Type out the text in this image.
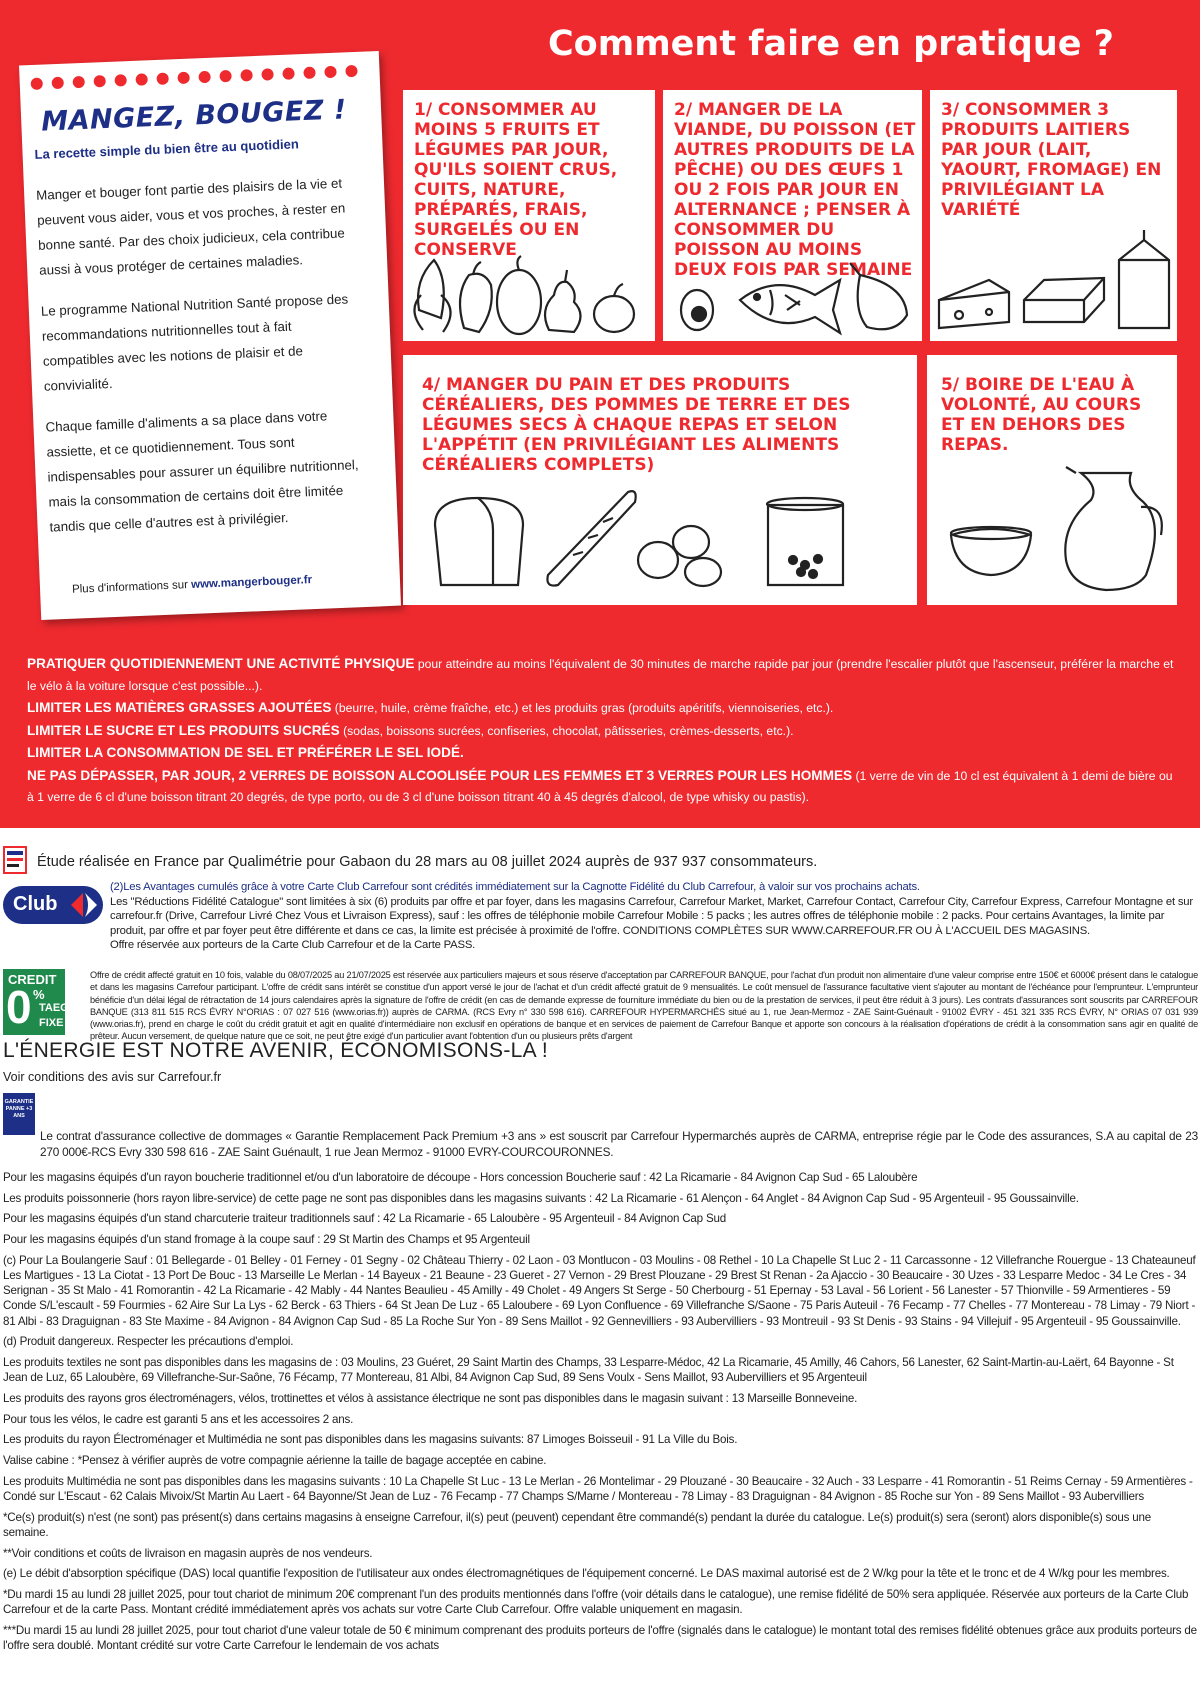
Comment faire en pratique ?
MANGEZ, BOUGEZ !
La recette simple du bien être au quotidien

Manger et bouger font partie des plaisirs de la vie et peuvent vous aider, vous et vos proches, à rester en bonne santé. Par des choix judicieux, cela contribue aussi à vous protéger de certaines maladies.

Le programme National Nutrition Santé propose des recommandations nutritionnelles tout à fait compatibles avec les notions de plaisir et de convivialité.

Chaque famille d'aliments a sa place dans votre assiette, et ce quotidiennement. Tous sont indispensables pour assurer un équilibre nutritionnel, mais la consommation de certains doit être limitée tandis que celle d'autres est à privilégier.

Plus d'informations sur www.mangerbouger.fr
1/ CONSOMMER AU MOINS 5 FRUITS ET LÉGUMES PAR JOUR, QU'ILS SOIENT CRUS, CUITS, NATURE, PRÉPARÉS, FRAIS, SURGELÉS OU EN CONSERVE
2/ MANGER DE LA VIANDE, DU POISSON (ET AUTRES PRODUITS DE LA PÊCHE) OU DES ŒUFS 1 OU 2 FOIS PAR JOUR EN ALTERNANCE ; PENSER À CONSOMMER DU POISSON AU MOINS DEUX FOIS PAR SEMAINE
3/ CONSOMMER 3 PRODUITS LAITIERS PAR JOUR (LAIT, YAOURT, FROMAGE) EN PRIVILÉGIANT LA VARIÉTÉ
4/ MANGER DU PAIN ET DES PRODUITS CÉRÉALIERS, DES POMMES DE TERRE ET DES LÉGUMES SECS À CHAQUE REPAS ET SELON L'APPÉTIT (EN PRIVILÉGIANT LES ALIMENTS CÉRÉALIERS COMPLETS)
5/ BOIRE DE L'EAU À VOLONTÉ, AU COURS ET EN DEHORS DES REPAS.
PRATIQUER QUOTIDIENNEMENT UNE ACTIVITÉ PHYSIQUE pour atteindre au moins l'équivalent de 30 minutes de marche rapide par jour (prendre l'escalier plutôt que l'ascenseur, préférer la marche et le vélo à la voiture lorsque c'est possible...).
LIMITER LES MATIÈRES GRASSES AJOUTÉES (beurre, huile, crème fraîche, etc.) et les produits gras (produits apéritifs, viennoiseries, etc.).
LIMITER LE SUCRE ET LES PRODUITS SUCRÉS (sodas, boissons sucrées, confiseries, chocolat, pâtisseries, crèmes-desserts, etc.).
LIMITER LA CONSOMMATION DE SEL ET PRÉFÉRER LE SEL IODÉ.
NE PAS DÉPASSER, PAR JOUR, 2 VERRES DE BOISSON ALCOOLISÉE POUR LES FEMMES ET 3 VERRES POUR LES HOMMES (1 verre de vin de 10 cl est équivalent à 1 demi de bière ou à 1 verre de 6 cl d'une boisson titrant 20 degrés, de type porto, ou de 3 cl d'une boisson titrant 40 à 45 degrés d'alcool, de type whisky ou pastis).
Étude réalisée en France par Qualimétrie pour Gabaon du 28 mars au 08 juillet 2024 auprès de 937 937 consommateurs.
Club
(2)Les Avantages cumulés grâce à votre Carte Club Carrefour sont crédités immédiatement sur la Cagnotte Fidélité du Club Carrefour, à valoir sur vos prochains achats.
Les "Réductions Fidélité Catalogue" sont limitées à six (6) produits par offre et par foyer, dans les magasins Carrefour, Carrefour Market, Market, Carrefour Contact, Carrefour City, Carrefour Express, Carrefour Montagne et sur carrefour.fr (Drive, Carrefour Livré Chez Vous et Livraison Express), sauf : les offres de téléphonie mobile Carrefour Mobile : 5 packs ; les autres offres de téléphonie mobile : 2 packs. Pour certains Avantages, la limite par produit, par offre et par foyer peut être différente et dans ce cas, la limite est précisée à proximité de l'offre. CONDITIONS COMPLÈTES SUR WWW.CARREFOUR.FR OU À L'ACCUEIL DES MAGASINS.
Offre réservée aux porteurs de la Carte Club Carrefour et de la Carte PASS.
CREDIT
0 %
TAEG
FIXE
Offre de crédit affecté gratuit en 10 fois, valable du 08/07/2025 au 21/07/2025 est réservée aux particuliers majeurs et sous réserve d'acceptation par CARREFOUR BANQUE, pour l'achat d'un produit non alimentaire d'une valeur comprise entre 150€ et 6000€ présent dans le catalogue et dans les magasins Carrefour participant. L'offre de crédit sans intérêt se constitue d'un apport versé le jour de l'achat et d'un crédit affecté gratuit de 9 mensualités. Le coût mensuel de l'assurance facultative vient s'ajouter au montant de l'échéance pour l'emprunteur. L'emprunteur bénéficie d'un délai légal de rétractation de 14 jours calendaires après la signature de l'offre de crédit (en cas de demande expresse de fourniture immédiate du bien ou de la prestation de services, il peut être réduit à 3 jours). Les contrats d'assurances sont souscrits par CARREFOUR BANQUE (313 811 515 RCS ÉVRY N°ORIAS : 07 027 516 (www.orias.fr)) auprès de CARMA. (RCS Evry n° 330 598 616). CARREFOUR HYPERMARCHÉS situé au 1, rue Jean-Mermoz - ZAE Saint-Guénault - 91002 ÉVRY - 451 321 335 RCS ÉVRY, N° ORIAS 07 031 939 (www.orias.fr), prend en charge le coût du crédit gratuit et agit en qualité d'intermédiaire non exclusif en opérations de banque et en services de paiement de Carrefour Banque et apporte son concours à la réalisation d'opérations de crédit à la consommation sans agir en qualité de prêteur. Aucun versement, de quelque nature que ce soit, ne peut être exigé d'un particulier avant l'obtention d'un ou plusieurs prêts d'argent
L'ÉNERGIE EST NOTRE AVENIR, ÉCONOMISONS-LA !
Voir conditions des avis sur Carrefour.fr
GARANTIE PANNE +3 ANS
Le contrat d'assurance collective de dommages « Garantie Remplacement Pack Premium +3 ans » est souscrit par Carrefour Hypermarchés auprès de CARMA, entreprise régie par le Code des assurances, S.A au capital de 23 270 000€-RCS Evry 330 598 616 - ZAE Saint Guénault, 1 rue Jean Mermoz - 91000 EVRY-COURCOURONNES.
Pour les magasins équipés d'un rayon boucherie traditionnel et/ou d'un laboratoire de découpe - Hors concession Boucherie sauf : 42 La Ricamarie - 84 Avignon Cap Sud - 65 Laloubère
Les produits poissonnerie (hors rayon libre-service) de cette page ne sont pas disponibles dans les magasins suivants : 42 La Ricamarie - 61 Alençon - 64 Anglet - 84 Avignon Cap Sud - 95 Argenteuil - 95 Goussainville.
Pour les magasins équipés d'un stand charcuterie traiteur traditionnels sauf : 42 La Ricamarie - 65 Laloubère - 95 Argenteuil - 84 Avignon Cap Sud
Pour les magasins équipés d'un stand fromage à la coupe sauf : 29 St Martin des Champs et 95 Argenteuil
(c) Pour La Boulangerie Sauf : 01 Bellegarde - 01 Belley - 01 Ferney - 01 Segny - 02 Château Thierry - 02 Laon - 03 Montlucon - 03 Moulins - 08 Rethel - 10 La Chapelle St Luc 2 - 11 Carcassonne - 12 Villefranche Rouergue - 13 Chateauneuf Les Martigues - 13 La Ciotat - 13 Port De Bouc - 13 Marseille Le Merlan - 14 Bayeux - 21 Beaune - 23 Gueret - 27 Vernon - 29 Brest Plouzane - 29 Brest St Renan - 2a Ajaccio - 30 Beaucaire - 30 Uzes - 33 Lesparre Medoc - 34 Le Cres - 34 Serignan - 35 St Malo - 41 Romorantin - 42 La Ricamarie - 42 Mably - 44 Nantes Beaulieu - 45 Amilly - 49 Cholet - 49 Angers St Serge - 50 Cherbourg - 51 Epernay - 53 Laval - 56 Lorient - 56 Lanester - 57 Thionville - 59 Armentieres - 59 Conde S/L'escault - 59 Fourmies - 62 Aire Sur La Lys - 62 Berck - 63 Thiers - 64 St Jean De Luz - 65 Laloubere - 69 Lyon Confluence - 69 Villefranche S/Saone - 75 Paris Auteuil - 76 Fecamp - 77 Chelles - 77 Montereau - 78 Limay - 79 Niort - 81 Albi - 83 Draguignan - 83 Ste Maxime - 84 Avignon - 84 Avignon Cap Sud - 85 La Roche Sur Yon - 89 Sens Maillot - 92 Gennevilliers - 93 Aubervilliers - 93 Montreuil - 93 St Denis - 93 Stains - 94 Villejuif - 95 Argenteuil - 95 Goussainville.
(d) Produit dangereux. Respecter les précautions d'emploi.
Les produits textiles ne sont pas disponibles dans les magasins de : 03 Moulins, 23 Guéret, 29 Saint Martin des Champs, 33 Lesparre-Médoc, 42 La Ricamarie, 45 Amilly, 46 Cahors, 56 Lanester, 62 Saint-Martin-au-Laërt, 64 Bayonne - St Jean de Luz, 65 Laloubère, 69 Villefranche-Sur-Saône, 76 Fécamp, 77 Montereau, 81 Albi, 84 Avignon Cap Sud, 89 Sens Voulx - Sens Maillot, 93 Aubervilliers et 95 Argenteuil
Les produits des rayons gros électroménagers, vélos, trottinettes et vélos à assistance électrique ne sont pas disponibles dans le magasin suivant : 13 Marseille Bonneveine.
Pour tous les vélos, le cadre est garanti 5 ans et les accessoires 2 ans.
Les produits du rayon Électroménager et Multimédia ne sont pas disponibles dans les magasins suivants: 87 Limoges Boisseuil - 91 La Ville du Bois.
Valise cabine : *Pensez à vérifier auprès de votre compagnie aérienne la taille de bagage acceptée en cabine.
Les produits Multimédia ne sont pas disponibles dans les magasins suivants : 10 La Chapelle St Luc - 13 Le Merlan - 26 Montelimar - 29 Plouzané - 30 Beaucaire - 32 Auch - 33 Lesparre - 41 Romorantin - 51 Reims Cernay - 59 Armentières - Condé sur L'Escaut - 62 Calais Mivoix/St Martin Au Laert - 64 Bayonne/St Jean de Luz - 76 Fecamp - 77 Champs S/Marne / Montereau - 78 Limay - 83 Draguignan - 84 Avignon - 85 Roche sur Yon - 89 Sens Maillot - 93 Aubervilliers
*Ce(s) produit(s) n'est (ne sont) pas présent(s) dans certains magasins à enseigne Carrefour, il(s) peut (peuvent) cependant être commandé(s) pendant la durée du catalogue. Le(s) produit(s) sera (seront) alors disponible(s) sous une semaine.
**Voir conditions et coûts de livraison en magasin auprès de nos vendeurs.
(e) Le débit d'absorption spécifique (DAS) local quantifie l'exposition de l'utilisateur aux ondes électromagnétiques de l'équipement concerné. Le DAS maximal autorisé est de 2 W/kg pour la tête et le tronc et de 4 W/kg pour les membres.
*Du mardi 15 au lundi 28 juillet 2025, pour tout chariot de minimum 20€ comprenant l'un des produits mentionnés dans l'offre (voir détails dans le catalogue), une remise fidélité de 50% sera appliquée. Réservée aux porteurs de la Carte Club Carrefour et de la carte Pass. Montant crédité immédiatement après vos achats sur votre Carte Club Carrefour. Offre valable uniquement en magasin.
***Du mardi 15 au lundi 28 juillet 2025, pour tout chariot d'une valeur totale de 50 € minimum comprenant des produits porteurs de l'offre (signalés dans le catalogue) le montant total des remises fidélité obtenues grâce aux produits porteurs de l'offre sera doublé. Montant crédité sur votre Carte Carrefour le lendemain de vos achats
